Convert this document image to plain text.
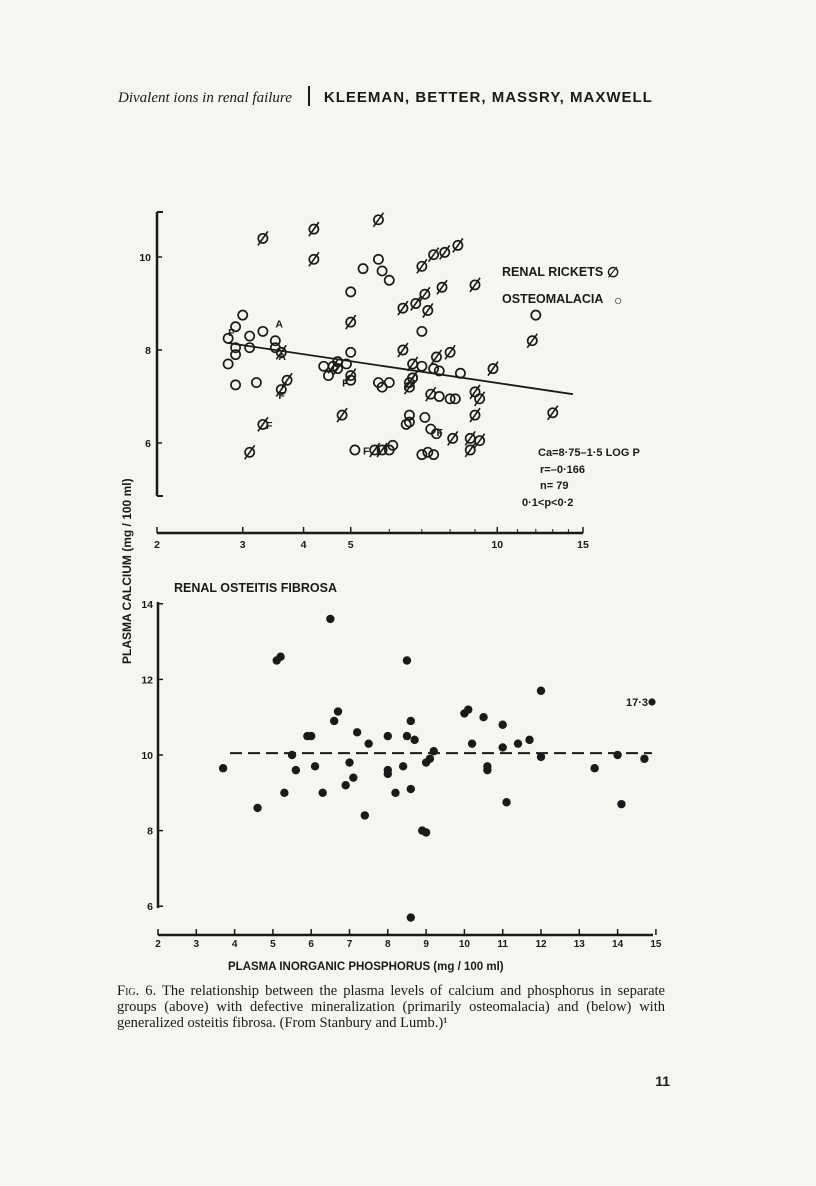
Divalent ions in renal failure KLEEMAN, BETTER, MASSRY, MAXWELL
2	3	4	5	10	15
6
8
10
F
A
A
F
F
F
F
F
RENAL RICKETS ∅
OSTEOMALACIA ○
Ca=8·75–1·5 LOG P
r=–0·166
n= 79
0·1<p<0·2
PLASMA CALCIUM (mg / 100 ml)	RENAL OSTEITIS FIBROSA
2	3	4	5	6	7	8	9	10	11	12	13	14	15
6
8
10
12
14
17·3
PLASMA INORGANIC PHOSPHORUS (mg / 100 ml)
Fig. 6. The relationship between the plasma levels of calcium and phosphorus in separate groups (above) with defective mineralization (primarily osteomalacia) and (below) with generalized osteitis fibrosa. (From Stanbury and Lumb.)¹
11
